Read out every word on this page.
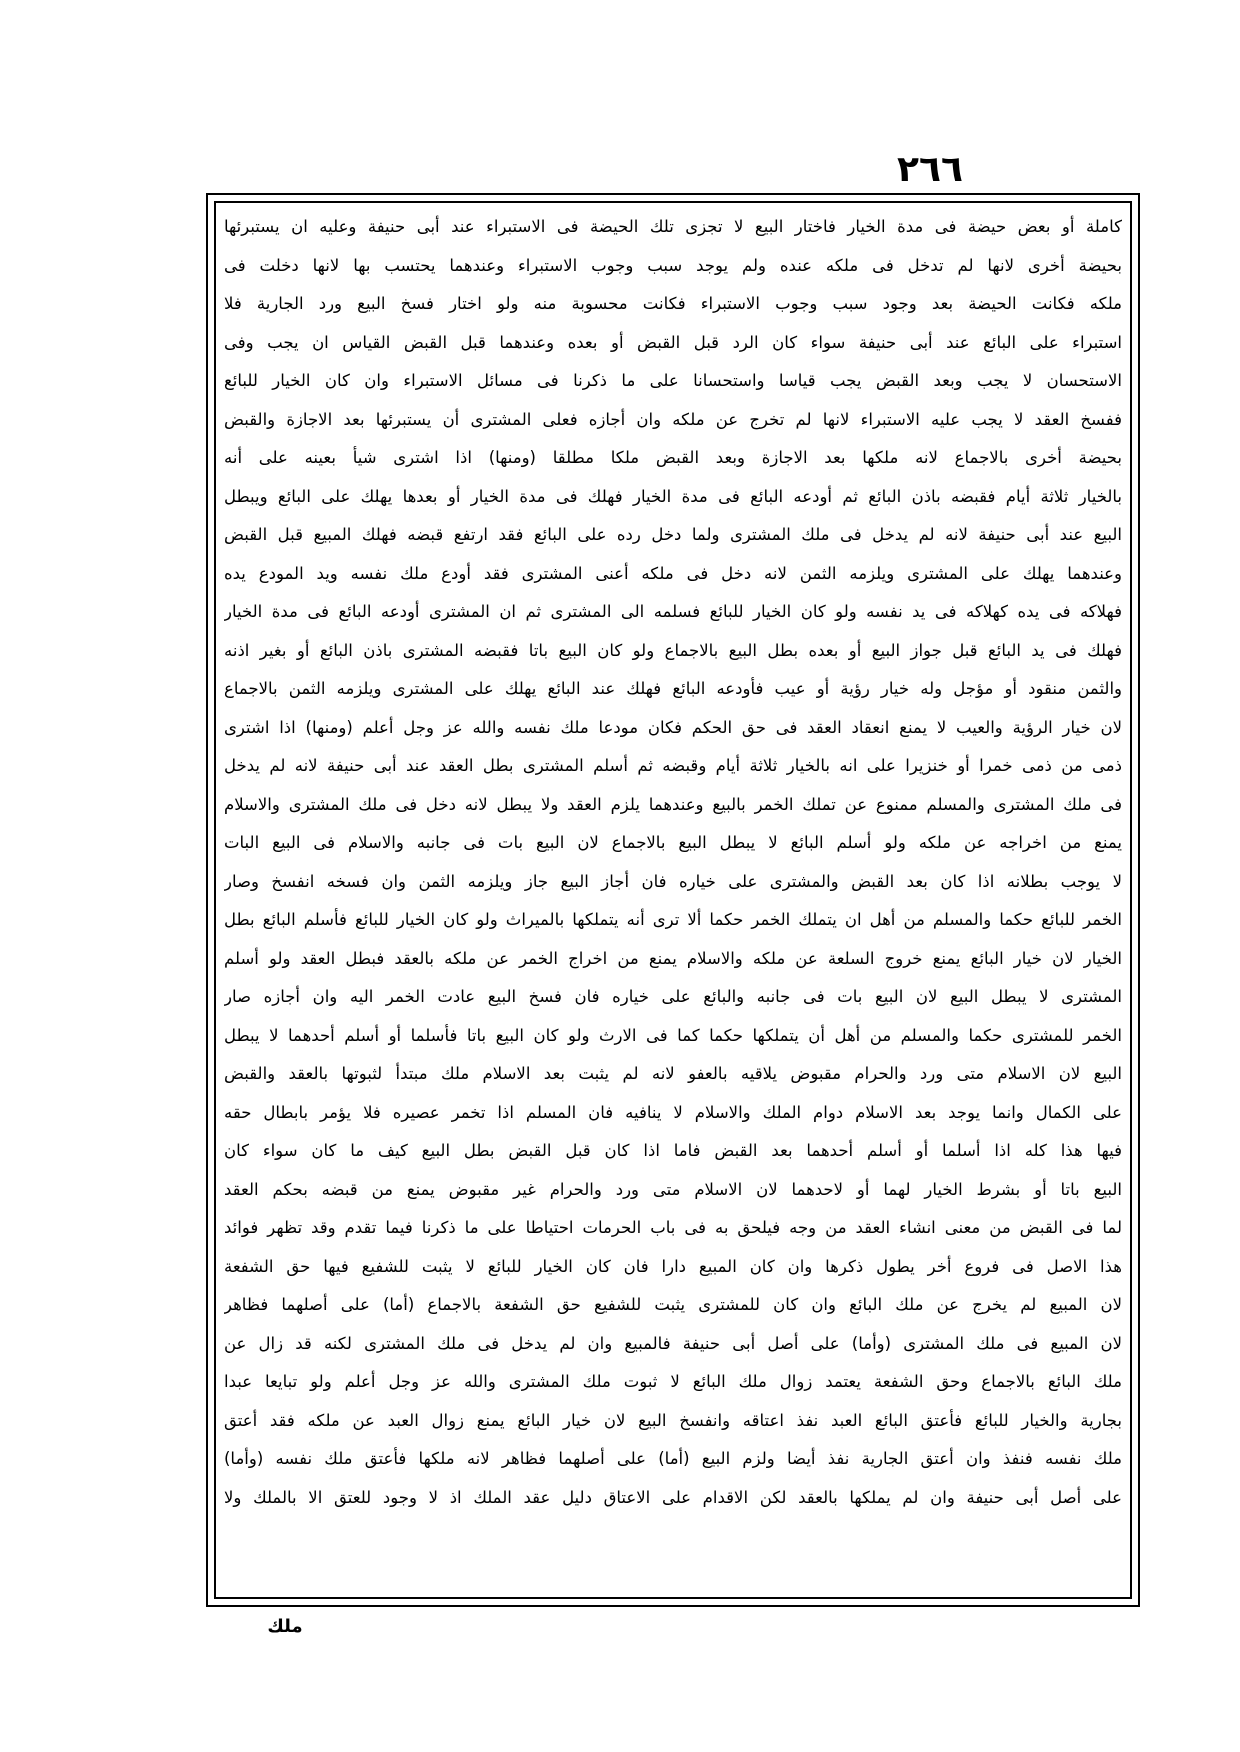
٢٦٦
كاملة أو بعض حيضة فى مدة الخيار فاختار البيع لا تجزى تلك الحيضة فى الاستبراء عند أبى حنيفة وعليه ان يستبرئها
بحيضة أخرى لانها لم تدخل فى ملكه عنده ولم يوجد سبب وجوب الاستبراء وعندهما يحتسب بها لانها دخلت فى
ملكه فكانت الحيضة بعد وجود سبب وجوب الاستبراء فكانت محسوبة منه ولو اختار فسخ البيع ورد الجارية فلا
استبراء على البائع عند أبى حنيفة سواء كان الرد قبل القبض أو بعده وعندهما قبل القبض القياس ان يجب وفى
الاستحسان لا يجب وبعد القبض يجب قياسا واستحسانا على ما ذكرنا فى مسائل الاستبراء وان كان الخيار للبائع
ففسخ العقد لا يجب عليه الاستبراء لانها لم تخرج عن ملكه وان أجازه فعلى المشترى أن يستبرئها بعد الاجازة والقبض
بحيضة أخرى بالاجماع لانه ملكها بعد الاجازة وبعد القبض ملكا مطلقا (ومنها) اذا اشترى شيأ بعينه على أنه
بالخيار ثلاثة أيام فقبضه باذن البائع ثم أودعه البائع فى مدة الخيار فهلك فى مدة الخيار أو بعدها يهلك على البائع ويبطل
البيع عند أبى حنيفة لانه لم يدخل فى ملك المشترى ولما دخل رده على البائع فقد ارتفع قبضه فهلك المبيع قبل القبض
وعندهما يهلك على المشترى ويلزمه الثمن لانه دخل فى ملكه أعنى المشترى فقد أودع ملك نفسه ويد المودع يده
فهلاكه فى يده كهلاكه فى يد نفسه ولو كان الخيار للبائع فسلمه الى المشترى ثم ان المشترى أودعه البائع فى مدة الخيار
فهلك فى يد البائع قبل جواز البيع أو بعده بطل البيع بالاجماع ولو كان البيع باتا فقبضه المشترى باذن البائع أو بغير اذنه
والثمن منقود أو مؤجل وله خيار رؤية أو عيب فأودعه البائع فهلك عند البائع يهلك على المشترى ويلزمه الثمن بالاجماع
لان خيار الرؤية والعيب لا يمنع انعقاد العقد فى حق الحكم فكان مودعا ملك نفسه والله عز وجل أعلم (ومنها) اذا اشترى
ذمى من ذمى خمرا أو خنزيرا على انه بالخيار ثلاثة أيام وقبضه ثم أسلم المشترى بطل العقد عند أبى حنيفة لانه لم يدخل
فى ملك المشترى والمسلم ممنوع عن تملك الخمر بالبيع وعندهما يلزم العقد ولا يبطل لانه دخل فى ملك المشترى والاسلام
يمنع من اخراجه عن ملكه ولو أسلم البائع لا يبطل البيع بالاجماع لان البيع بات فى جانبه والاسلام فى البيع البات
لا يوجب بطلانه اذا كان بعد القبض والمشترى على خياره فان أجاز البيع جاز ويلزمه الثمن وان فسخه انفسخ وصار
الخمر للبائع حكما والمسلم من أهل ان يتملك الخمر حكما ألا ترى أنه يتملكها بالميراث ولو كان الخيار للبائع فأسلم البائع بطل
الخيار لان خيار البائع يمنع خروج السلعة عن ملكه والاسلام يمنع من اخراج الخمر عن ملكه بالعقد فبطل العقد ولو أسلم
المشترى لا يبطل البيع لان البيع بات فى جانبه والبائع على خياره فان فسخ البيع عادت الخمر اليه وان أجازه صار
الخمر للمشترى حكما والمسلم من أهل أن يتملكها حكما كما فى الارث ولو كان البيع باتا فأسلما أو أسلم أحدهما لا يبطل
البيع لان الاسلام متى ورد والحرام مقبوض يلاقيه بالعفو لانه لم يثبت بعد الاسلام ملك مبتدأ لثبوتها بالعقد والقبض
على الكمال وانما يوجد بعد الاسلام دوام الملك والاسلام لا ينافيه فان المسلم اذا تخمر عصيره فلا يؤمر بابطال حقه
فيها هذا كله اذا أسلما أو أسلم أحدهما بعد القبض فاما اذا كان قبل القبض بطل البيع كيف ما كان سواء كان
البيع باتا أو بشرط الخيار لهما أو لاحدهما لان الاسلام متى ورد والحرام غير مقبوض يمنع من قبضه بحكم العقد
لما فى القبض من معنى انشاء العقد من وجه فيلحق به فى باب الحرمات احتياطا على ما ذكرنا فيما تقدم وقد تظهر فوائد
هذا الاصل فى فروع أخر يطول ذكرها وان كان المبيع دارا فان كان الخيار للبائع لا يثبت للشفيع فيها حق الشفعة
لان المبيع لم يخرج عن ملك البائع وان كان للمشترى يثبت للشفيع حق الشفعة بالاجماع (أما) على أصلهما فظاهر
لان المبيع فى ملك المشترى (وأما) على أصل أبى حنيفة فالمبيع وان لم يدخل فى ملك المشترى لكنه قد زال عن
ملك البائع بالاجماع وحق الشفعة يعتمد زوال ملك البائع لا ثبوت ملك المشترى والله عز وجل أعلم ولو تبايعا عبدا
بجارية والخيار للبائع فأعتق البائع العبد نفذ اعتاقه وانفسخ البيع لان خيار البائع يمنع زوال العبد عن ملكه فقد أعتق
ملك نفسه فنفذ وان أعتق الجارية نفذ أيضا ولزم البيع (أما) على أصلهما فظاهر لانه ملكها فأعتق ملك نفسه (وأما)
على أصل أبى حنيفة وان لم يملكها بالعقد لكن الاقدام على الاعتاق دليل عقد الملك اذ لا وجود للعتق الا بالملك ولا
ملك
